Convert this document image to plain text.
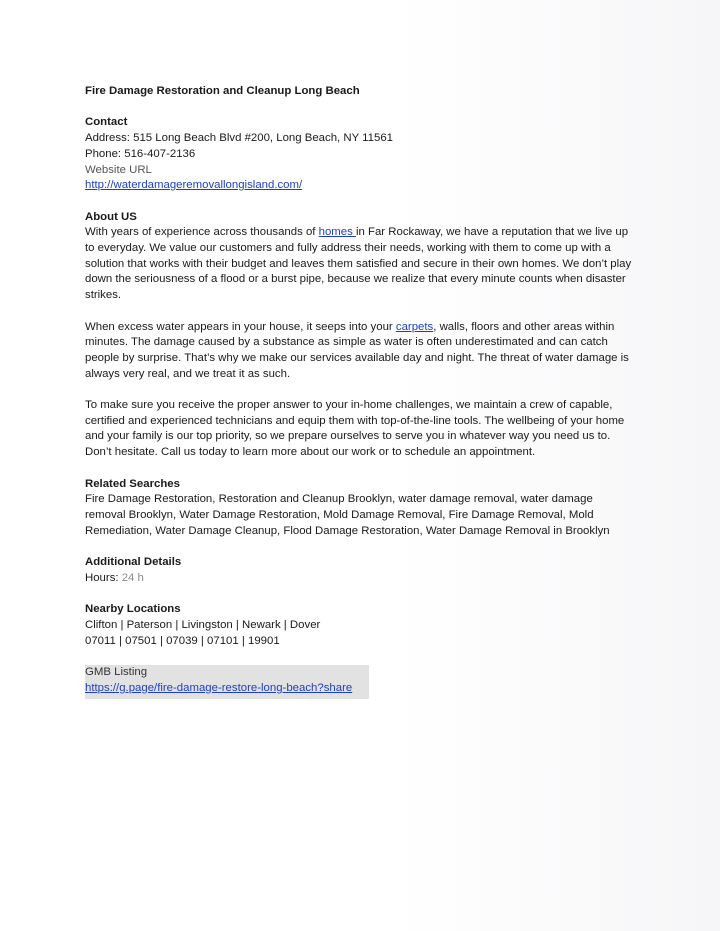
Fire Damage Restoration and Cleanup Long Beach

Contact

Address: 515 Long Beach Blvd #200, Long Beach, NY 11561

Phone: 516-407-2136

Website URL

http://waterdamageremovallongisland.com/

About US

With years of experience across thousands of homes in Far Rockaway, we have a reputation that we live up to everyday. We value our customers and fully address their needs, working with them to come up with a solution that works with their budget and leaves them satisfied and secure in their own homes. We don’t play down the seriousness of a flood or a burst pipe, because we realize that every minute counts when disaster strikes.

When excess water appears in your house, it seeps into your carpets, walls, floors and other areas within minutes. The damage caused by a substance as simple as water is often underestimated and can catch people by surprise. That’s why we make our services available day and night. The threat of water damage is always very real, and we treat it as such.

To make sure you receive the proper answer to your in-home challenges, we maintain a crew of capable, certified and experienced technicians and equip them with top-of-the-line tools. The wellbeing of your home and your family is our top priority, so we prepare ourselves to serve you in whatever way you need us to. Don’t hesitate. Call us today to learn more about our work or to schedule an appointment.

Related Searches

Fire Damage Restoration, Restoration and Cleanup Brooklyn, water damage removal, water damage removal Brooklyn, Water Damage Restoration, Mold Damage Removal, Fire Damage Removal, Mold Remediation, Water Damage Cleanup, Flood Damage Restoration, Water Damage Removal in Brooklyn

Additional Details

Hours: 24 h

Nearby Locations

Clifton | Paterson | Livingston | Newark | Dover

07011 | 07501 | 07039 | 07101 | 19901

GMB Listing
https://g.page/fire-damage-restore-long-beach?share
